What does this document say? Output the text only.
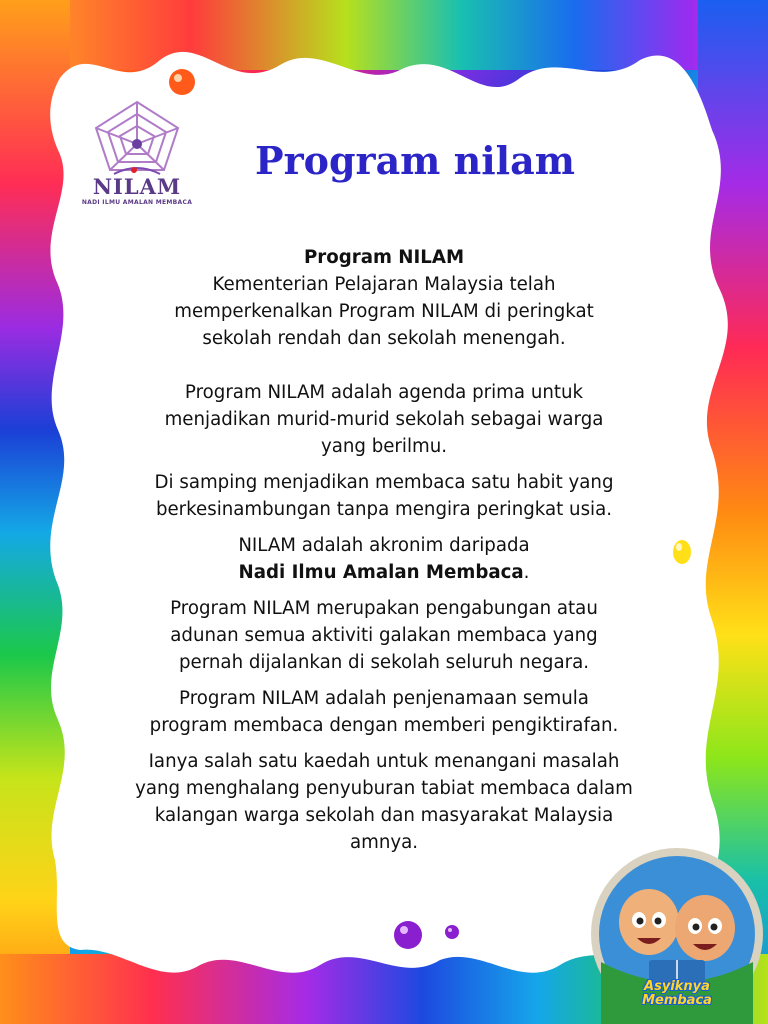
NILAM
NADI ILMU AMALAN MEMBACA
Program nilam

Program NILAM

Kementerian Pelajaran Malaysia telah
memperkenalkan Program NILAM di peringkat
sekolah rendah dan sekolah menengah.

Program NILAM adalah agenda prima untuk
menjadikan murid-murid sekolah sebagai warga
yang berilmu.

Di samping menjadikan membaca satu habit yang
berkesinambungan tanpa mengira peringkat usia.

NILAM adalah akronim daripada
Nadi Ilmu Amalan Membaca.

Program NILAM merupakan pengabungan atau
adunan semua aktiviti galakan membaca yang
pernah dijalankan di sekolah seluruh negara.

Program NILAM adalah penjenamaan semula
program membaca dengan memberi pengiktirafan.

Ianya salah satu kaedah untuk menangani masalah
yang menghalang penyuburan tabiat membaca dalam
kalangan warga sekolah dan masyarakat Malaysia
amnya.

Asyiknya
Membaca
